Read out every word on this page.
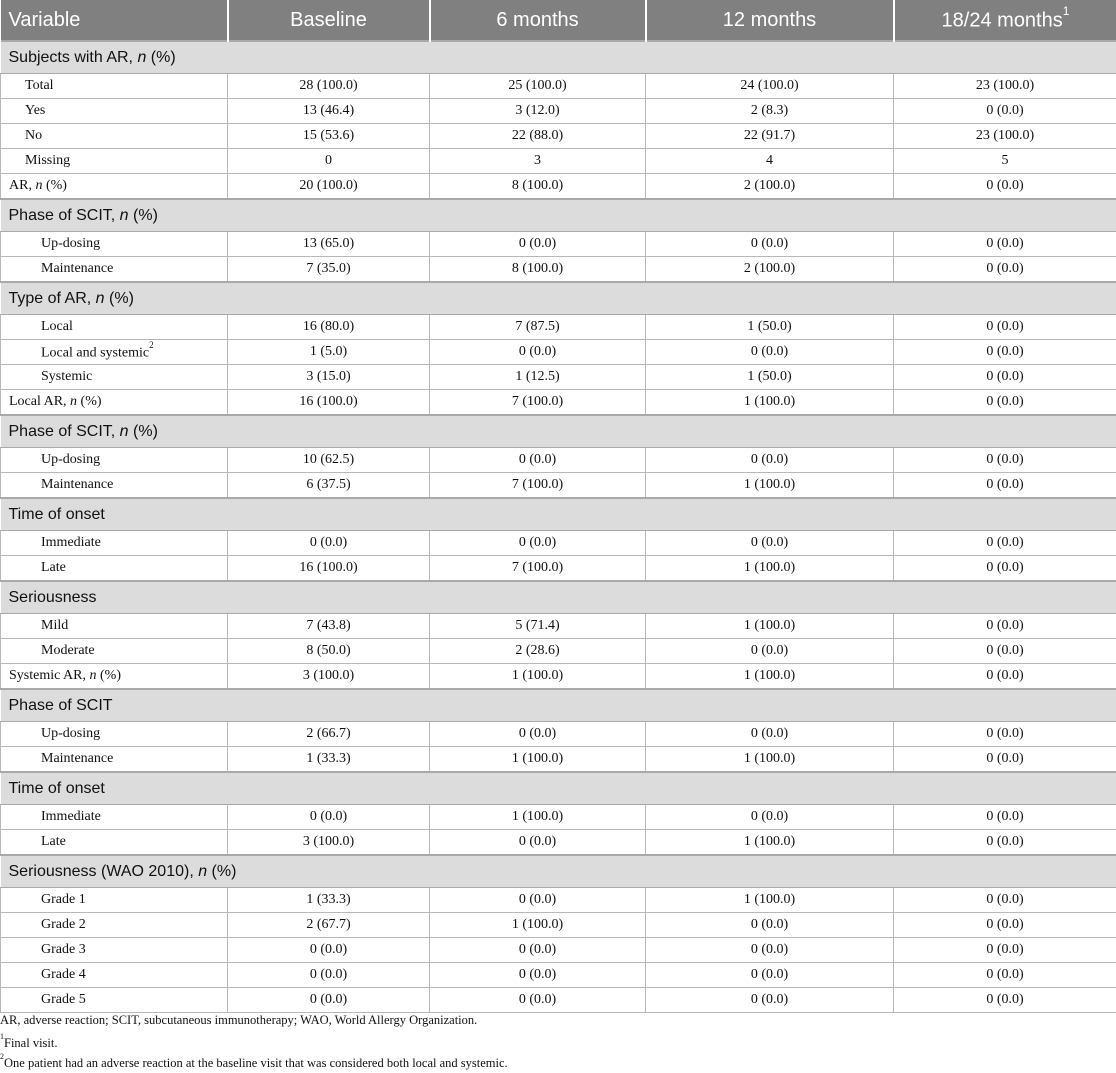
Variable	Baseline	6 months	12 months	18/24 months$^1$
Subjects with AR, n (%)				
Total	28 (100.0)	25 (100.0)	24 (100.0)	23 (100.0)
Yes	13 (46.4)	3 (12.0)	2 (8.3)	0 (0.0)
No	15 (53.6)	22 (88.0)	22 (91.7)	23 (100.0)
Missing	0	3	4	5
AR, n (%)	20 (100.0)	8 (100.0)	2 (100.0)	0 (0.0)
Phase of SCIT, n (%)				
Up-dosing	13 (65.0)	0 (0.0)	0 (0.0)	0 (0.0)
Maintenance	7 (35.0)	8 (100.0)	2 (100.0)	0 (0.0)
Type of AR, n (%)				
Local	16 (80.0)	7 (87.5)	1 (50.0)	0 (0.0)
Local and systemic$^2$	1 (5.0)	0 (0.0)	0 (0.0)	0 (0.0)
Systemic	3 (15.0)	1 (12.5)	1 (50.0)	0 (0.0)
Local AR, n (%)	16 (100.0)	7 (100.0)	1 (100.0)	0 (0.0)
Phase of SCIT, n (%)				
Up-dosing	10 (62.5)	0 (0.0)	0 (0.0)	0 (0.0)
Maintenance	6 (37.5)	7 (100.0)	1 (100.0)	0 (0.0)
Time of onset				
Immediate	0 (0.0)	0 (0.0)	0 (0.0)	0 (0.0)
Late	16 (100.0)	7 (100.0)	1 (100.0)	0 (0.0)
Seriousness				
Mild	7 (43.8)	5 (71.4)	1 (100.0)	0 (0.0)
Moderate	8 (50.0)	2 (28.6)	0 (0.0)	0 (0.0)
Systemic AR, n (%)	3 (100.0)	1 (100.0)	1 (100.0)	0 (0.0)
Phase of SCIT				
Up-dosing	2 (66.7)	0 (0.0)	0 (0.0)	0 (0.0)
Maintenance	1 (33.3)	1 (100.0)	1 (100.0)	0 (0.0)
Time of onset				
Immediate	0 (0.0)	1 (100.0)	0 (0.0)	0 (0.0)
Late	3 (100.0)	0 (0.0)	1 (100.0)	0 (0.0)
Seriousness (WAO 2010), n (%)				
Grade 1	1 (33.3)	0 (0.0)	1 (100.0)	0 (0.0)
Grade 2	2 (67.7)	1 (100.0)	0 (0.0)	0 (0.0)
Grade 3	0 (0.0)	0 (0.0)	0 (0.0)	0 (0.0)
Grade 4	0 (0.0)	0 (0.0)	0 (0.0)	0 (0.0)
Grade 5	0 (0.0)	0 (0.0)	0 (0.0)	0 (0.0)
AR, adverse reaction; SCIT, subcutaneous immunotherapy; WAO, World Allergy Organization.
$^1$Final visit.
$^2$One patient had an adverse reaction at the baseline visit that was considered both local and systemic.
